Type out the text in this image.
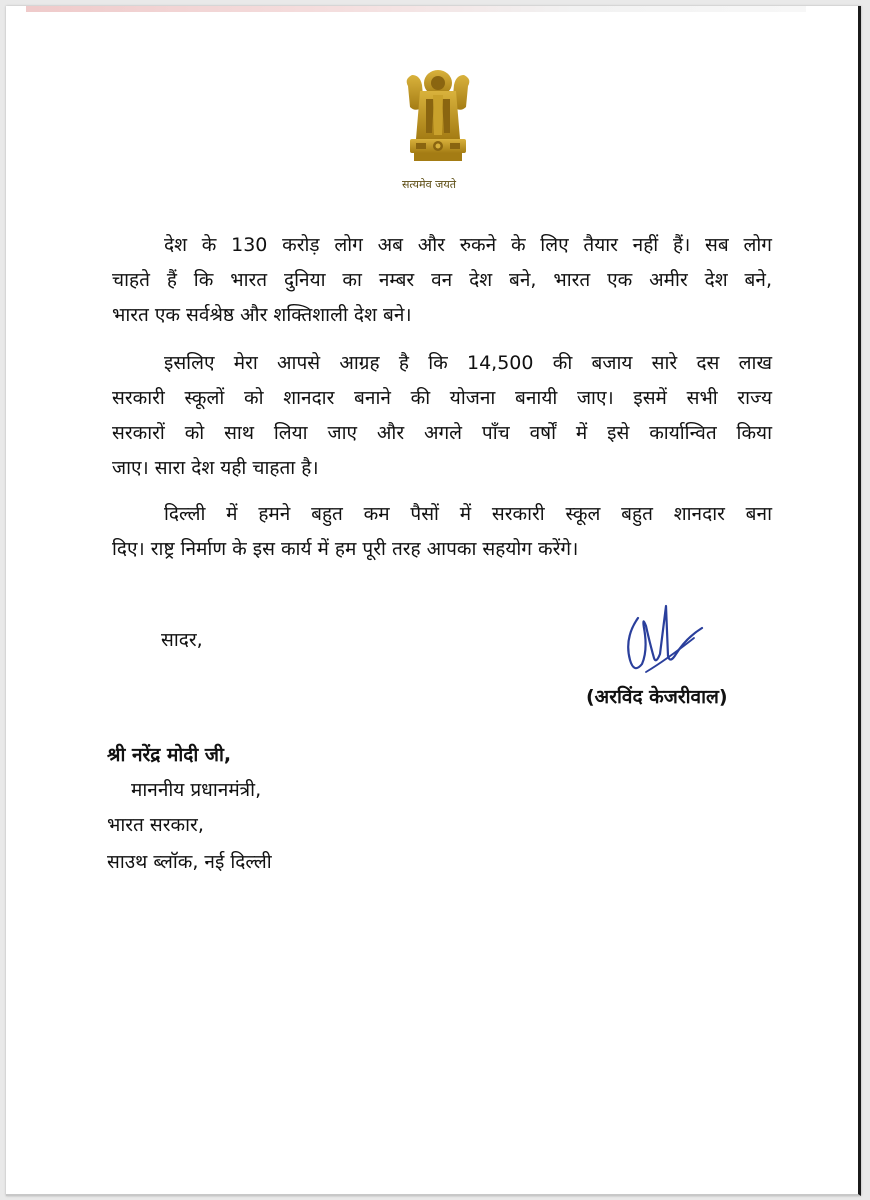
सत्यमेव जयते
देश के 130 करोड़ लोग अब और रुकने के लिए तैयार नहीं हैं। सब लोग
चाहते हैं कि भारत दुनिया का नम्बर वन देश बने, भारत एक अमीर देश बने,
भारत एक सर्वश्रेष्ठ और शक्तिशाली देश बने।
इसलिए मेरा आपसे आग्रह है कि 14,500 की बजाय सारे दस लाख
सरकारी स्कूलों को शानदार बनाने की योजना बनायी जाए। इसमें सभी राज्य
सरकारों को साथ लिया जाए और अगले पाँच वर्षों में इसे कार्यान्वित किया
जाए। सारा देश यही चाहता है।
दिल्ली में हमने बहुत कम पैसों में सरकारी स्कूल बहुत शानदार बना
दिए। राष्ट्र निर्माण के इस कार्य में हम पूरी तरह आपका सहयोग करेंगे।
सादर,
(अरविंद केजरीवाल)
श्री नरेंद्र मोदी जी,
माननीय प्रधानमंत्री,
भारत सरकार,
साउथ ब्लॉक, नई दिल्ली
